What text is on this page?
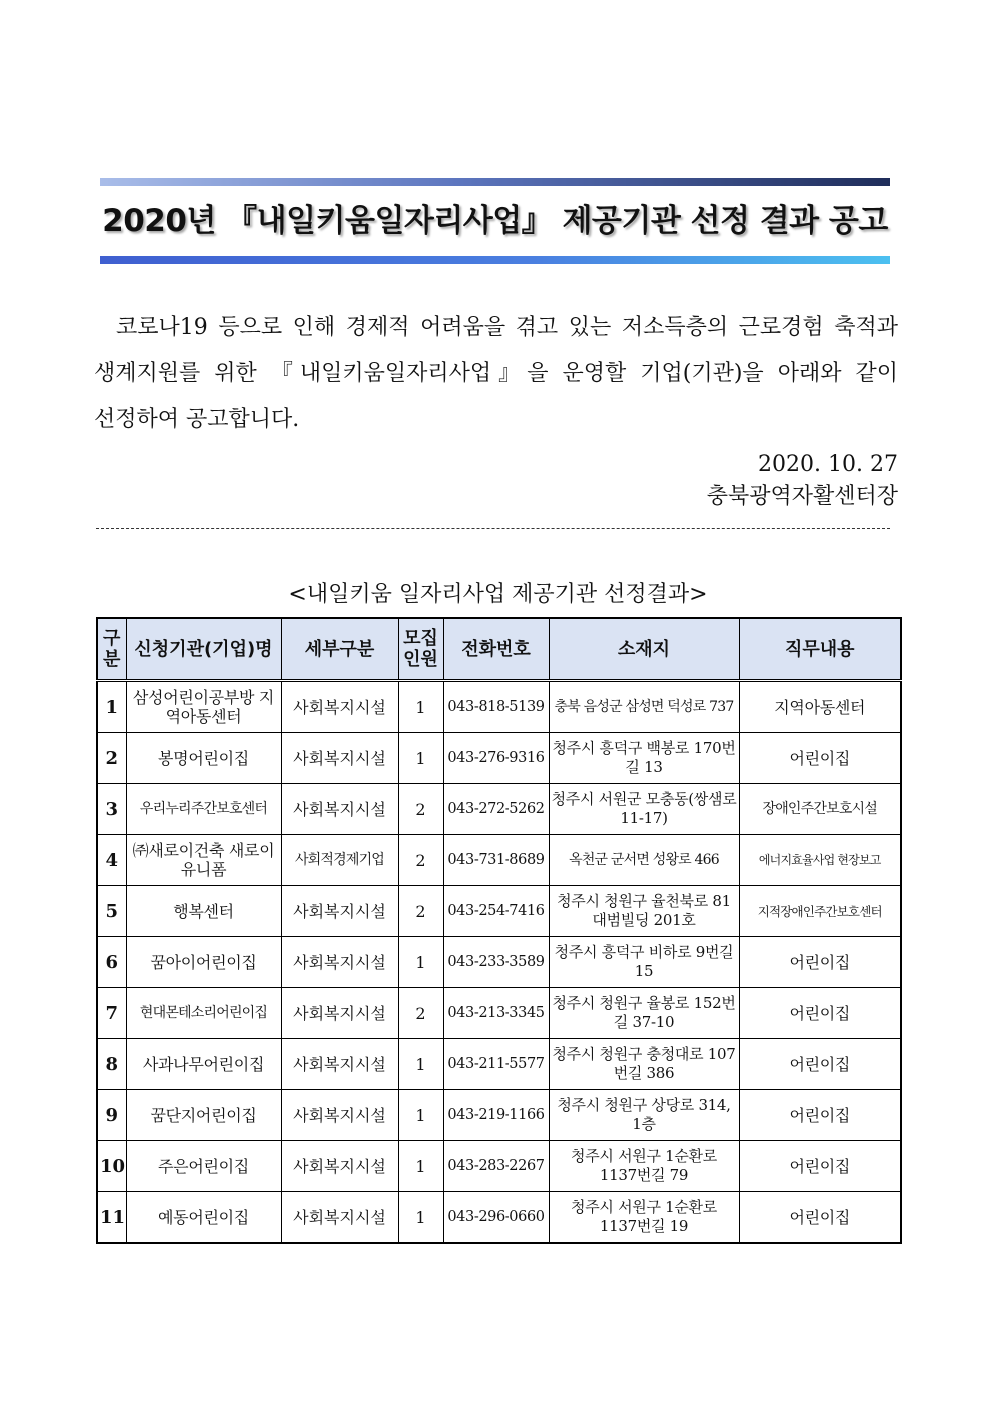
2020년 『내일키움일자리사업』 제공기관 선정 결과 공고

코로나19 등으로 인해 경제적 어려움을 겪고 있는 저소득층의 근로경험 축적과 생계지원를 위한 『내일키움일자리사업』을 운영할 기업(기관)을 아래와 같이 선정하여 공고합니다.

2020. 10. 27
충북광역자활센터장
<내일키움 일자리사업 제공기관 선정결과>
구분	신청기관(기업)명	세부구분	모집인원	전화번호	소재지	직무내용
1	삼성어린이공부방 지역아동센터	사회복지시설	1	043-818-5139	충북 음성군 삼성면 덕성로 737	지역아동센터
2	봉명어린이집	사회복지시설	1	043-276-9316	청주시 흥덕구 백봉로 170번길 13	어린이집
3	우리누리주간보호센터	사회복지시설	2	043-272-5262	청주시 서원군 모충동(쌍샘로 11-17)	장애인주간보호시설
4	㈜새로이건축 새로이유니폼	사회적경제기업	2	043-731-8689	옥천군 군서면 성왕로 466	에너지효율사업 현장보고
5	행복센터	사회복지시설	2	043-254-7416	청주시 청원구 율천북로 81 대범빌딩 201호	지적장애인주간보호센터
6	꿈아이어린이집	사회복지시설	1	043-233-3589	청주시 흥덕구 비하로 9번길 15	어린이집
7	현대몬테소리어린이집	사회복지시설	2	043-213-3345	청주시 청원구 율봉로 152번길 37-10	어린이집
8	사과나무어린이집	사회복지시설	1	043-211-5577	청주시 청원구 충청대로 107번길 386	어린이집
9	꿈단지어린이집	사회복지시설	1	043-219-1166	청주시 청원구 상당로 314, 1층	어린이집
10	주은어린이집	사회복지시설	1	043-283-2267	청주시 서원구 1순환로 1137번길 79	어린이집
11	예동어린이집	사회복지시설	1	043-296-0660	청주시 서원구 1순환로 1137번길 19	어린이집
